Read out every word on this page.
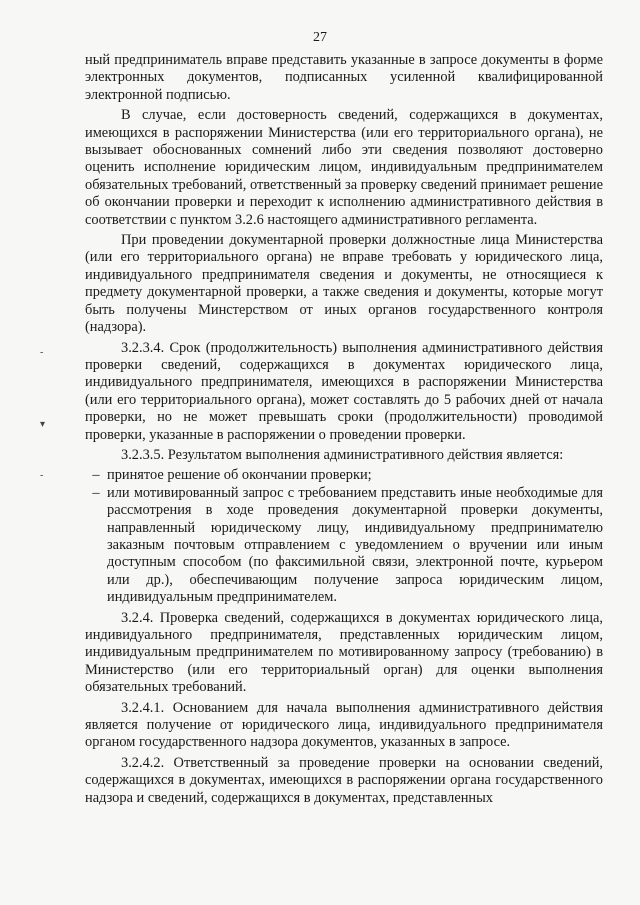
27
-
▾
-

ный предприниматель вправе представить указанные в запросе документы в форме электронных документов, подписанных усиленной квалифицированной электронной подписью.

В случае, если достоверность сведений, содержащихся в документах, имеющихся в распоряжении Министерства (или его территориального органа), не вызывает обоснованных сомнений либо эти сведения позволяют достоверно оценить исполнение юридическим лицом, индивидуальным предпринимателем обязательных требований, ответственный за проверку сведений принимает решение об окончании проверки и переходит к исполнению административного действия в соответствии с пунктом 3.2.6 настоящего административного регламента.

При проведении документарной проверки должностные лица Министерства (или его территориального органа) не вправе требовать у юридического лица, индивидуального предпринимателя сведения и документы, не относящиеся к предмету документарной проверки, а также сведения и документы, которые могут быть получены Минстерством от иных органов государственного контроля (надзора).

3.2.3.4. Срок (продолжительность) выполнения административного действия проверки сведений, содержащихся в документах юридического лица, индивидуального предпринимателя, имеющихся в распоряжении Министерства (или его территориального органа), может составлять до 5 рабочих дней от начала проверки, но не может превышать сроки (продолжительности) проводимой проверки, указанные в распоряжении о проведении проверки.

3.2.3.5. Результатом выполнения административного действия является:

– принятое решение об окончании проверки;
– или мотивированный запрос с требованием представить иные необходимые для рассмотрения в ходе проведения документарной проверки документы, направленный юридическому лицу, индивидуальному предпринимателю заказным почтовым отправлением с уведомлением о вручении или иным доступным способом (по факсимильной связи, электронной почте, курьером или др.), обеспечивающим получение запроса юридическим лицом, индивидуальным предпринимателем.

3.2.4. Проверка сведений, содержащихся в документах юридического лица, индивидуального предпринимателя, представленных юридическим лицом, индивидуальным предпринимателем по мотивированному запросу (требованию) в Министерство (или его территориальный орган) для оценки выполнения обязательных требований.

3.2.4.1. Основанием для начала выполнения административного действия является получение от юридического лица, индивидуального предпринимателя органом государственного надзора документов, указанных в запросе.

3.2.4.2. Ответственный за проведение проверки на основании сведений, содержащихся в документах, имеющихся в распоряжении органа государственного надзора и сведений, содержащихся в документах, представленных
